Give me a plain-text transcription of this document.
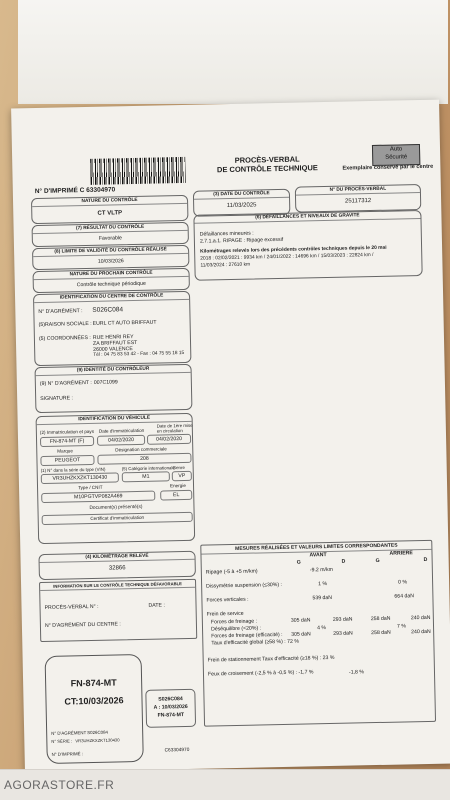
N° D'IMPRIMÉ C 63304970
PROCÈS-VERBAL
DE CONTRÔLE TECHNIQUE
Auto
Sécurité
Exemplaire conservé par le centre
NATURE DU CONTRÔLE
CT VLTP
(3) DATE DU CONTRÔLE
11/03/2025
N° DU PROCÈS-VERBAL
25117312
(7) RÉSULTAT DU CONTRÔLE
Favorable
(6) DÉFAILLANCES ET NIVEAUX DE GRAVITÉ
Défaillances mineures :
2.7.1.a.1. RIPAGE : Ripage excessif
Kilométrages relevés lors des précédents contrôles techniques depuis le 20 mai
2018 : 02/02/2021 : 9934 km / 24/01/2022 : 14696 km / 15/03/2023 : 22824 km /
11/03/2024 : 27610 km
(8) LIMITE DE VALIDITÉ DU CONTRÔLE RÉALISÉ
10/03/2026
NATURE DU PROCHAIN CONTRÔLE
Contrôle technique périodique
IDENTIFICATION DU CENTRE DE CONTRÔLE
N° D'AGRÉMENT : S026C084
(5)RAISON SOCIALE : EURL CT AUTO BRIFFAUT
(5) COORDONNÉES : RUE HENRI REY
ZA BRIFFAUT EST
26000 VALENCE
Tél : 04 75 83 53 42 - Fax : 04 75 55 18 15
(9) IDENTITÉ DU CONTRÔLEUR
(9) N° D'AGRÉMENT : 007C1099
SIGNATURE :
IDENTIFICATION DU VÉHICULE
(2) Immatriculation et pays Date d'immatriculation
Date de 1ère mise
en circulation
FN-874-MT (F)	04/02/2020	04/02/2020
Marque	Désignation commerciale
PEUGEOT	208
(1) N° dans la série du type (VIN)	(5) Catégorie internationale
Genre
VR3UHZKXZKT130430	M1	VP
Type / CNIT	Energie
M10PGTVP082A469	EL
Document(s) présenté(s)
Certificat d'immatriculation
(4) KILOMÉTRAGE RELEVÉ
32866
INFORMATION SUR LE CONTRÔLE TECHNIQUE DÉFAVORABLE
PROCÈS-VERBAL N° :	DATE :
N° D'AGRÉMENT DU CENTRE :
MESURES RÉALISÉES ET VALEURS LIMITES CORRESPONDANTES
AVANT	ARRIERE
G	D	G	D
Ripage (-5 à +5 m/km)	-9.2 m/km
Dissymétrie suspension (≤30%) :	1 %	0 %
Forces verticales :	539 daN	664 daN
Frein de service
Forces de freinage :	305 daN	293 daN	258 daN	240 daN
Déséquilibre (<20%) :	4 %	7 %
Forces de freinage (efficacité) : 305 daN	293 daN	258 daN	240 daN
Taux d'efficacité global (≥58 %) : 72 %
Frein de stationnement Taux d'efficacité (≥18 %) : 23 %
Feux de croisement (-2,5 % à -0,5 %) : -1,7 %	-1,8 %
FN-874-MT
CT:10/03/2026
N° D'AGRÉMENT :
S026C084
N° SÉRIE : VR3UHZKXZKT130430
N° D'IMPRIMÉ :
C63304970
S026C084
A : 10/03/2026
FN-874-MT
AGORASTORE.FR
